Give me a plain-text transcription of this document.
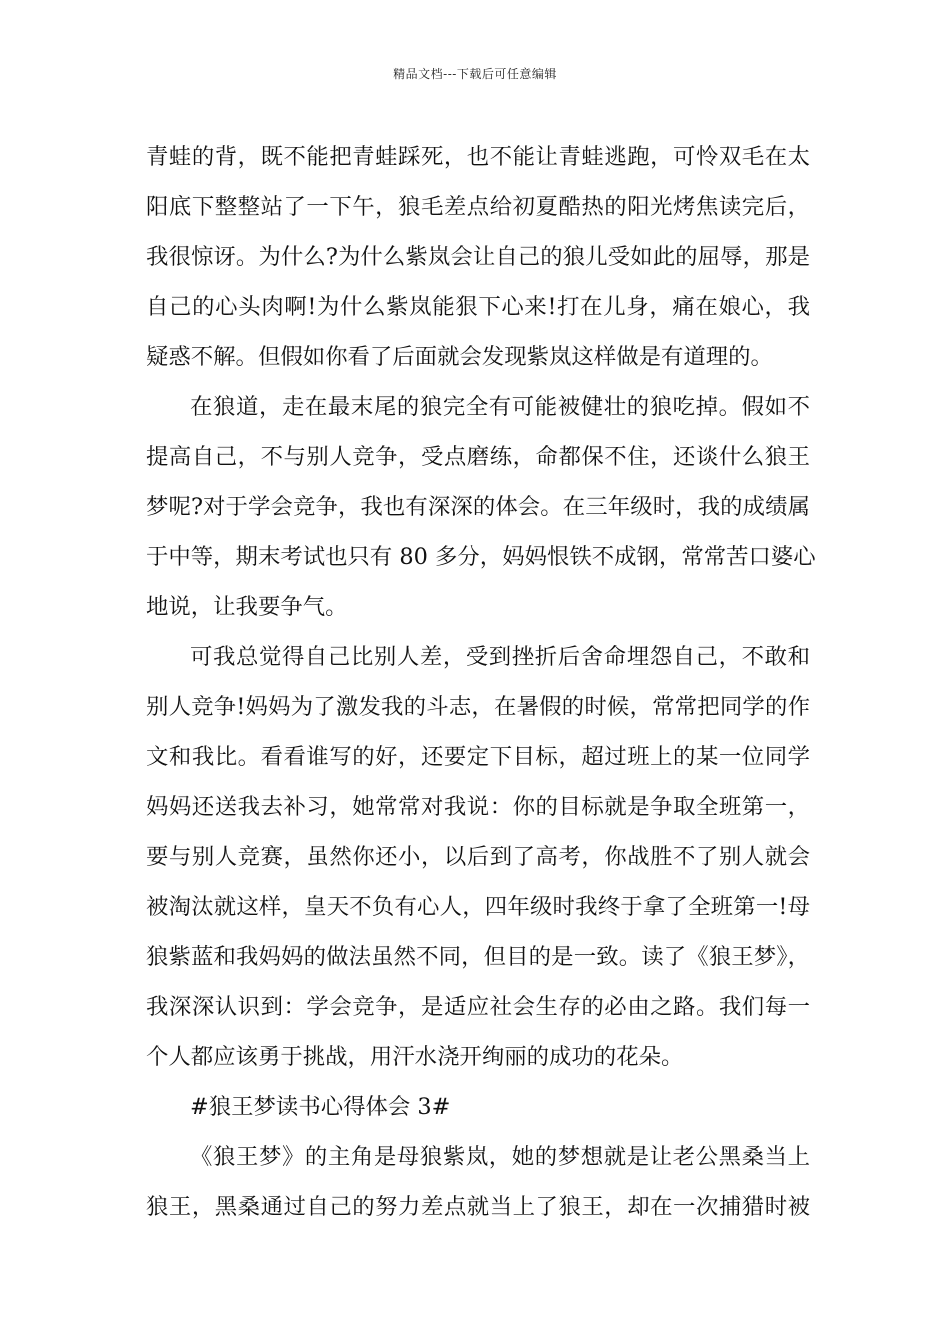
精品文档---下载后可任意编辑
青蛙的背，既不能把青蛙踩死，也不能让青蛙逃跑，可怜双毛在太
阳底下整整站了一下午，狼毛差点给初夏酷热的阳光烤焦读完后，
我很惊讶。为什么?为什么紫岚会让自己的狼儿受如此的屈辱，那是
自己的心头肉啊!为什么紫岚能狠下心来!打在儿身，痛在娘心，我
疑惑不解。但假如你看了后面就会发现紫岚这样做是有道理的。
在狼道，走在最末尾的狼完全有可能被健壮的狼吃掉。假如不
提高自己，不与别人竞争，受点磨练，命都保不住，还谈什么狼王
梦呢?对于学会竞争，我也有深深的体会。在三年级时，我的成绩属
于中等，期末考试也只有 80 多分，妈妈恨铁不成钢，常常苦口婆心
地说，让我要争气。
可我总觉得自己比别人差，受到挫折后舍命埋怨自己，不敢和
别人竞争!妈妈为了激发我的斗志，在暑假的时候，常常把同学的作
文和我比。看看谁写的好，还要定下目标，超过班上的某一位同学
妈妈还送我去补习，她常常对我说：你的目标就是争取全班第一，
要与别人竞赛，虽然你还小，以后到了高考，你战胜不了别人就会
被淘汰就这样，皇天不负有心人，四年级时我终于拿了全班第一!母
狼紫蓝和我妈妈的做法虽然不同，但目的是一致。读了《狼王梦》，
我深深认识到：学会竞争，是适应社会生存的必由之路。我们每一
个人都应该勇于挑战，用汗水浇开绚丽的成功的花朵。
#狼王梦读书心得体会 3#
《狼王梦》的主角是母狼紫岚，她的梦想就是让老公黑桑当上
狼王，黑桑通过自己的努力差点就当上了狼王，却在一次捕猎时被
